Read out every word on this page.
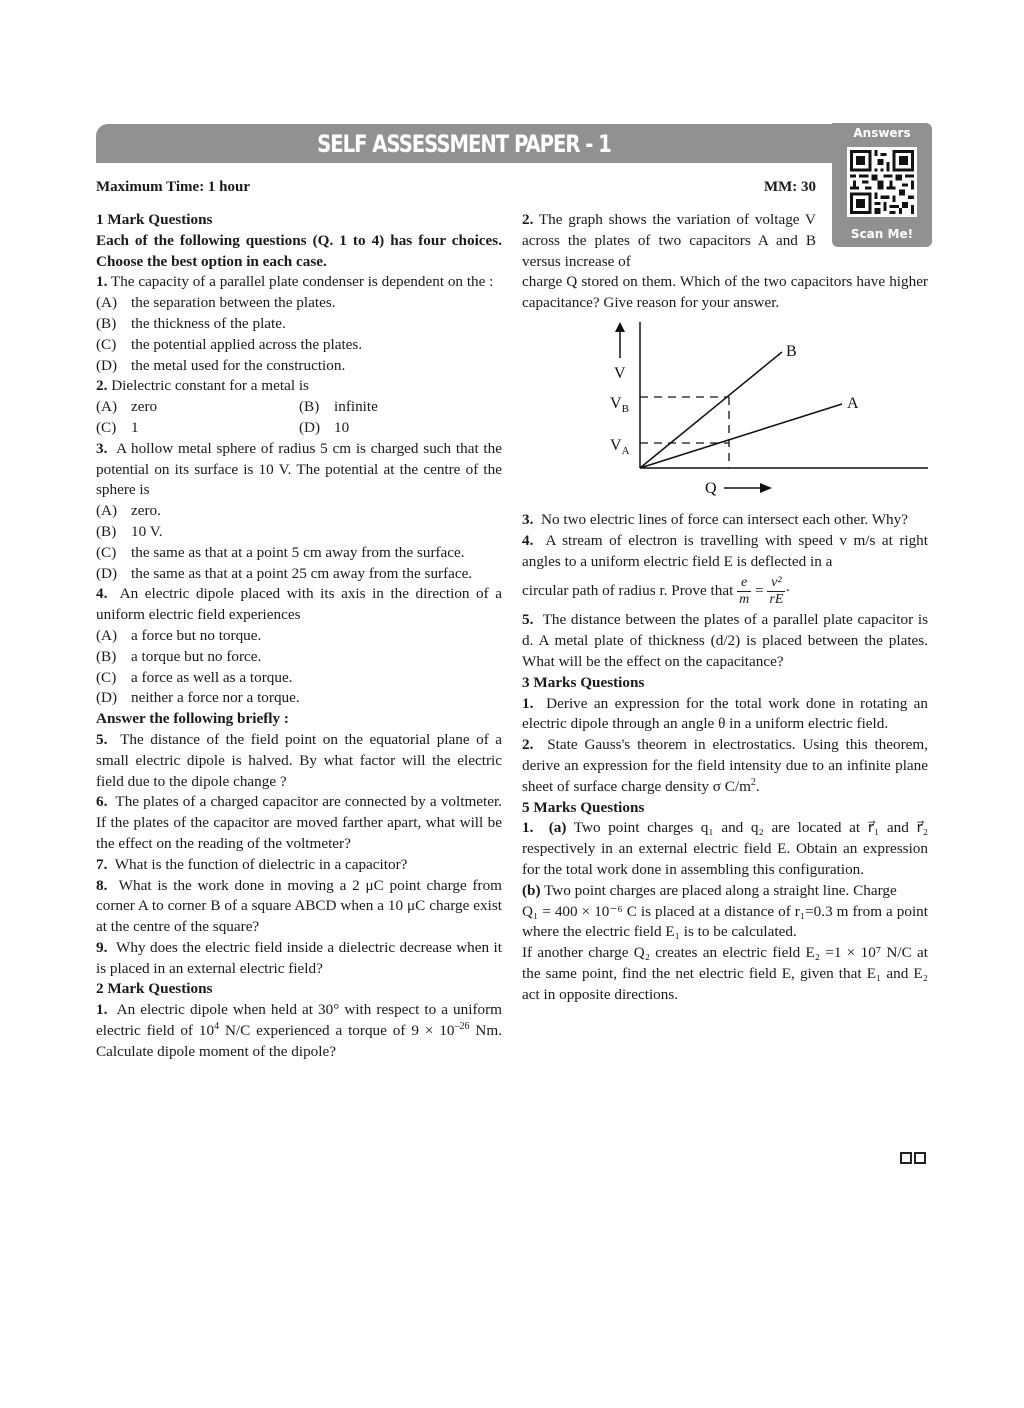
SELF ASSESSMENT PAPER - 1	Answers
Scan Me!
Maximum Time: 1 hour	MM: 30
1 Mark Questions
Each of the following questions (Q. 1 to 4) has four choices. Choose the best option in each case.
1. The capacity of a parallel plate condenser is dependent on the :
(A) the separation between the plates.
(B) the thickness of the plate.
(C) the potential applied across the plates.
(D) the metal used for the construction.
2. Dielectric constant for a metal is
(A) zero	(B) infinite
(C) 1	(D) 10
3. A hollow metal sphere of radius 5 cm is charged such that the potential on its surface is 10 V. The potential at the centre of the sphere is
(A) zero.
(B) 10 V.
(C) the same as that at a point 5 cm away from the surface.
(D) the same as that at a point 25 cm away from the surface.
4. An electric dipole placed with its axis in the direction of a uniform electric field experiences
(A) a force but no torque.
(B) a torque but no force.
(C) a force as well as a torque.
(D) neither a force nor a torque.
Answer the following briefly :
5. The distance of the field point on the equatorial plane of a small electric dipole is halved. By what factor will the electric field due to the dipole change ?
6. The plates of a charged capacitor are connected by a voltmeter. If the plates of the capacitor are moved farther apart, what will be the effect on the reading of the voltmeter?
7. What is the function of dielectric in a capacitor?
8. What is the work done in moving a 2 μC point charge from corner A to corner B of a square ABCD when a 10 μC charge exist at the centre of the square?
9. Why does the electric field inside a dielectric decrease when it is placed in an external electric field?
2 Mark Questions
1. An electric dipole when held at 30° with respect to a uniform electric field of $10^4$ N/C experienced a torque of $9 \times 10^{-26}$ Nm. Calculate dipole moment of the dipole?
2. The graph shows the variation of voltage V across the plates of two capacitors A and B versus increase of
charge Q stored on them. Which of the two capacitors have higher capacitance? Give reason for your answer.
V
$V_B$
$V_A$
B
A
Q
3. No two electric lines of force can intersect each other. Why?
4. A stream of electron is travelling with speed v m/s at right angles to a uniform electric field E is deflected in a
circular path of radius r. Prove that $\frac{e}{m} = \frac{\text{v²}}{rE}$ ·
5. The distance between the plates of a parallel plate capacitor is d. A metal plate of thickness (d/2) is placed between the plates. What will be the effect on the capacitance?
3 Marks Questions
1. Derive an expression for the total work done in rotating an electric dipole through an angle θ in a uniform electric field.
2. State Gauss's theorem in electrostatics. Using this theorem, derive an expression for the field intensity due to an infinite plane sheet of surface charge density σ $C/m^2$.
5 Marks Questions
1. (a) Two point charges q₁ and q₂ are located at r⃗₁ and r⃗₂ respectively in an external electric field E. Obtain an expression for the total work done in assembling this configuration.
(b) Two point charges are placed along a straight line. Charge
Q₁ = 400 × 10⁻⁶ C is placed at a distance of r₁=0.3 m from a point where the electric field E₁ is to be calculated.
If another charge Q₂ creates an electric field E₂ =1 × 10⁷ N/C at the same point, find the net electric field E, given that E₁ and E₂ act in opposite directions.
